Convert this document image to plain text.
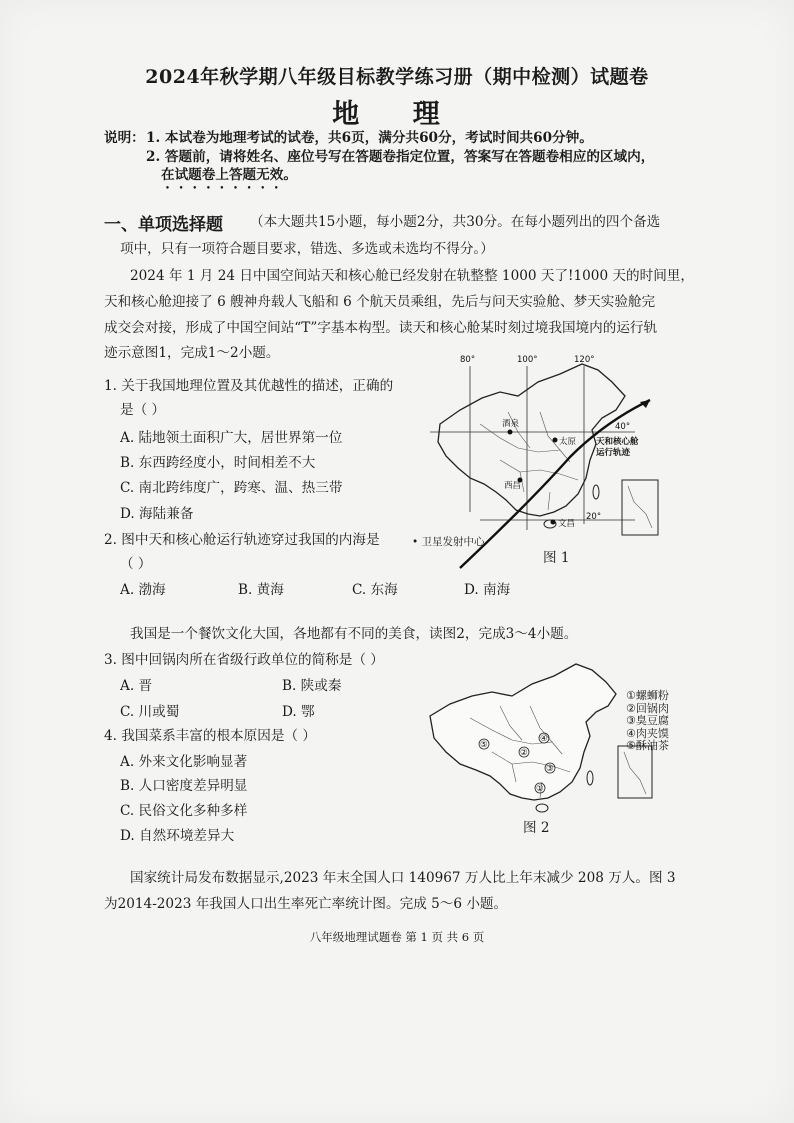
2024年秋学期八年级目标教学练习册（期中检测）试题卷
地 理
说明： 1. 本试卷为地理考试的试卷，共6页，满分共60分，考试时间共60分钟。
2. 答题前，请将姓名、座位号写在答题卷指定位置，答案写在答题卷相应的区域内，
在试题卷上答题无效。
一、单项选择题 （本大题共15小题，每小题2分，共30分。在每小题列出的四个备选
项中，只有一项符合题目要求，错选、多选或未选均不得分。）
2024 年 1 月 24 日中国空间站天和核心舱已经发射在轨整整 1000 天了!1000 天的时间里，
天和核心舱迎接了 6 艘神舟载人飞船和 6 个航天员乘组，先后与问天实验舱、梦天实验舱完
成交会对接，形成了中国空间站“T”字基本构型。读天和核心舱某时刻过境我国境内的运行轨
迹示意图1，完成1～2小题。
1. 关于我国地理位置及其优越性的描述，正确的
是（ ）
A. 陆地领土面积广大，居世界第一位
B. 东西跨经度小，时间相差不大
C. 南北跨纬度广，跨寒、温、热三带
D. 海陆兼备
2. 图中天和核心舱运行轨迹穿过我国的内海是
（ ）
A. 渤海	B. 黄海	C. 东海	D. 南海
80°	100°	120°
40°
20°
酒泉
太原
西昌
文昌
天和核心舱
运行轨迹
• 卫星发射中心
图 1
我国是一个餐饮文化大国，各地都有不同的美食，读图2，完成3～4小题。
3. 图中回锅肉所在省级行政单位的简称是（ ）
A. 晋	B. 陕或秦
C. 川或蜀	D. 鄂
4. 我国菜系丰富的根本原因是（ ）
A. 外来文化影响显著
B. 人口密度差异明显
C. 民俗文化多种多样
D. 自然环境差异大
①
②
③
④
⑤
①螺蛳粉
②回锅肉
③臭豆腐
④肉夹馍
⑤酥油茶
图 2
国家统计局发布数据显示,2023 年末全国人口 140967 万人比上年末减少 208 万人。图 3
为2014-2023 年我国人口出生率死亡率统计图。完成 5～6 小题。
八年级地理试题卷 第 1 页 共 6 页
